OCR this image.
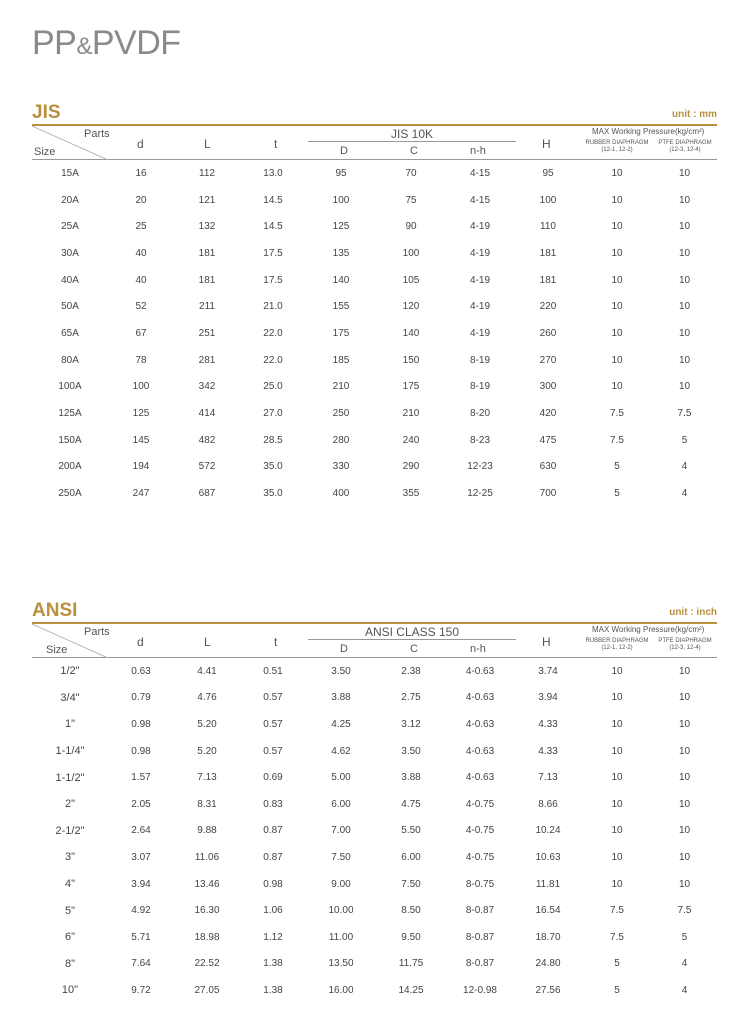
PP&PVDF
JIS	unit : mm
Parts
Size
d	L	t
JIS 10K
D	C	n-h	H
MAX Working Pressure(kg/cm²)
RUBBER DIAPHRAGM
(12-1, 12-2)
PTFE DIAPHRAGM
(12-3, 12-4)
15A	16	112	13.0	95	70	4-15	95	10	10
20A	20	121	14.5	100	75	4-15	100	10	10
25A	25	132	14.5	125	90	4-19	110	10	10
30A	40	181	17.5	135	100	4-19	181	10	10
40A	40	181	17.5	140	105	4-19	181	10	10
50A	52	211	21.0	155	120	4-19	220	10	10
65A	67	251	22.0	175	140	4-19	260	10	10
80A	78	281	22.0	185	150	8-19	270	10	10
100A	100	342	25.0	210	175	8-19	300	10	10
125A	125	414	27.0	250	210	8-20	420	7.5	7.5
150A	145	482	28.5	280	240	8-23	475	7.5	5
200A	194	572	35.0	330	290	12-23	630	5	4
250A	247	687	35.0	400	355	12-25	700	5	4
ANSI	unit : inch
Parts
Size
d	L	t
ANSI CLASS 150
D	C	n-h	H
MAX Working Pressure(kg/cm²)
RUBBER DIAPHRAGM
(12-1, 12-2)
PTFE DIAPHRAGM
(12-3, 12-4)
1/2"	0.63	4.41	0.51	3.50	2.38	4-0.63	3.74	10	10
3/4"	0.79	4.76	0.57	3.88	2.75	4-0.63	3.94	10	10
1"	0.98	5.20	0.57	4.25	3.12	4-0.63	4.33	10	10
1-1/4"	0.98	5.20	0.57	4.62	3.50	4-0.63	4.33	10	10
1-1/2"	1.57	7.13	0.69	5.00	3.88	4-0.63	7.13	10	10
2"	2.05	8.31	0.83	6.00	4.75	4-0.75	8.66	10	10
2-1/2"	2.64	9.88	0.87	7.00	5.50	4-0.75	10.24	10	10
3"	3.07	11.06	0.87	7.50	6.00	4-0.75	10.63	10	10
4"	3.94	13.46	0.98	9.00	7.50	8-0.75	11.81	10	10
5"	4.92	16.30	1.06	10.00	8.50	8-0.87	16.54	7.5	7.5
6"	5.71	18.98	1.12	11.00	9.50	8-0.87	18.70	7.5	5
8"	7.64	22.52	1.38	13.50	11.75	8-0.87	24.80	5	4
10"	9.72	27.05	1.38	16.00	14.25	12-0.98	27.56	5	4
